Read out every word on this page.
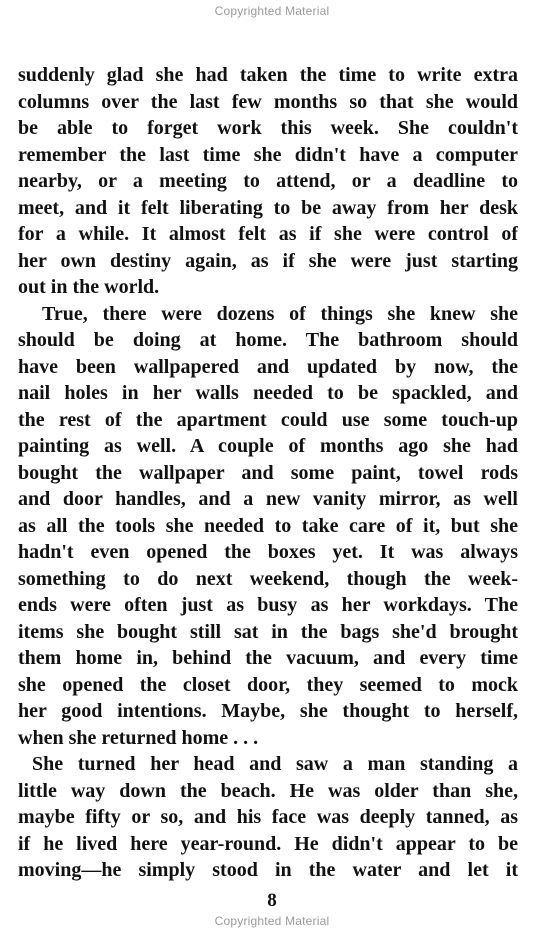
Copyrighted Material
suddenly glad she had taken the time to write extra
columns over the last few months so that she would
be able to forget work this week. She couldn't
remember the last time she didn't have a computer
nearby, or a meeting to attend, or a deadline to
meet, and it felt liberating to be away from her desk
for a while. It almost felt as if she were control of
her own destiny again, as if she were just starting
out in the world.
True, there were dozens of things she knew she
should be doing at home. The bathroom should
have been wallpapered and updated by now, the
nail holes in her walls needed to be spackled, and
the rest of the apartment could use some touch-up
painting as well. A couple of months ago she had
bought the wallpaper and some paint, towel rods
and door handles, and a new vanity mirror, as well
as all the tools she needed to take care of it, but she
hadn't even opened the boxes yet. It was always
something to do next weekend, though the week-
ends were often just as busy as her workdays. The
items she bought still sat in the bags she'd brought
them home in, behind the vacuum, and every time
she opened the closet door, they seemed to mock
her good intentions. Maybe, she thought to herself,
when she returned home . . .
She turned her head and saw a man standing a
little way down the beach. He was older than she,
maybe fifty or so, and his face was deeply tanned, as
if he lived here year-round. He didn't appear to be
moving—he simply stood in the water and let it
8
Copyrighted Material
